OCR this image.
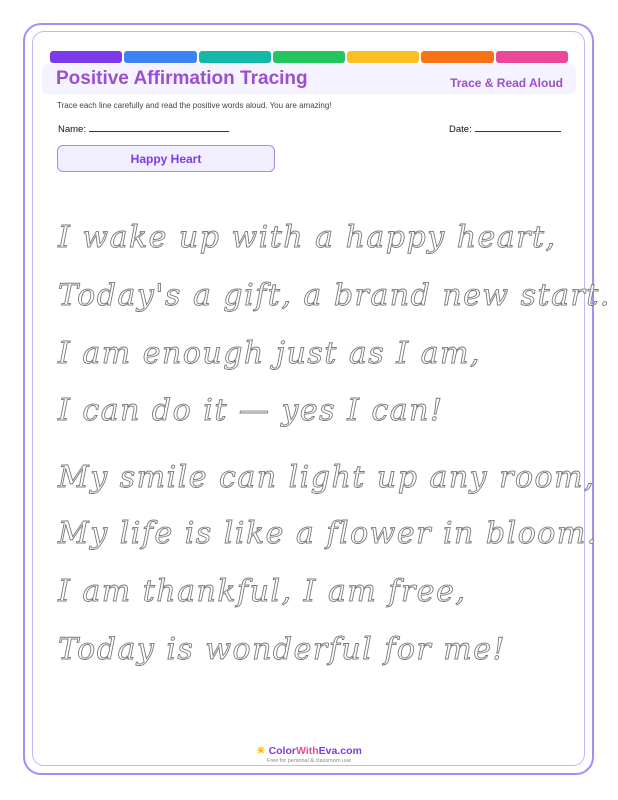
Positive Affirmation Tracing	Trace & Read Aloud
Trace each line carefully and read the positive words aloud. You are amazing!
Name:	Date:
Happy Heart
I wake up with a happy heart,
Today's a gift, a brand new start.
I am enough just as I am,
I can do it — yes I can!
My smile can light up any room,
My life is like a flower in bloom.
I am thankful, I am free,
Today is wonderful for me!
☀ ColorWithEva.com
Free for personal & classroom use
